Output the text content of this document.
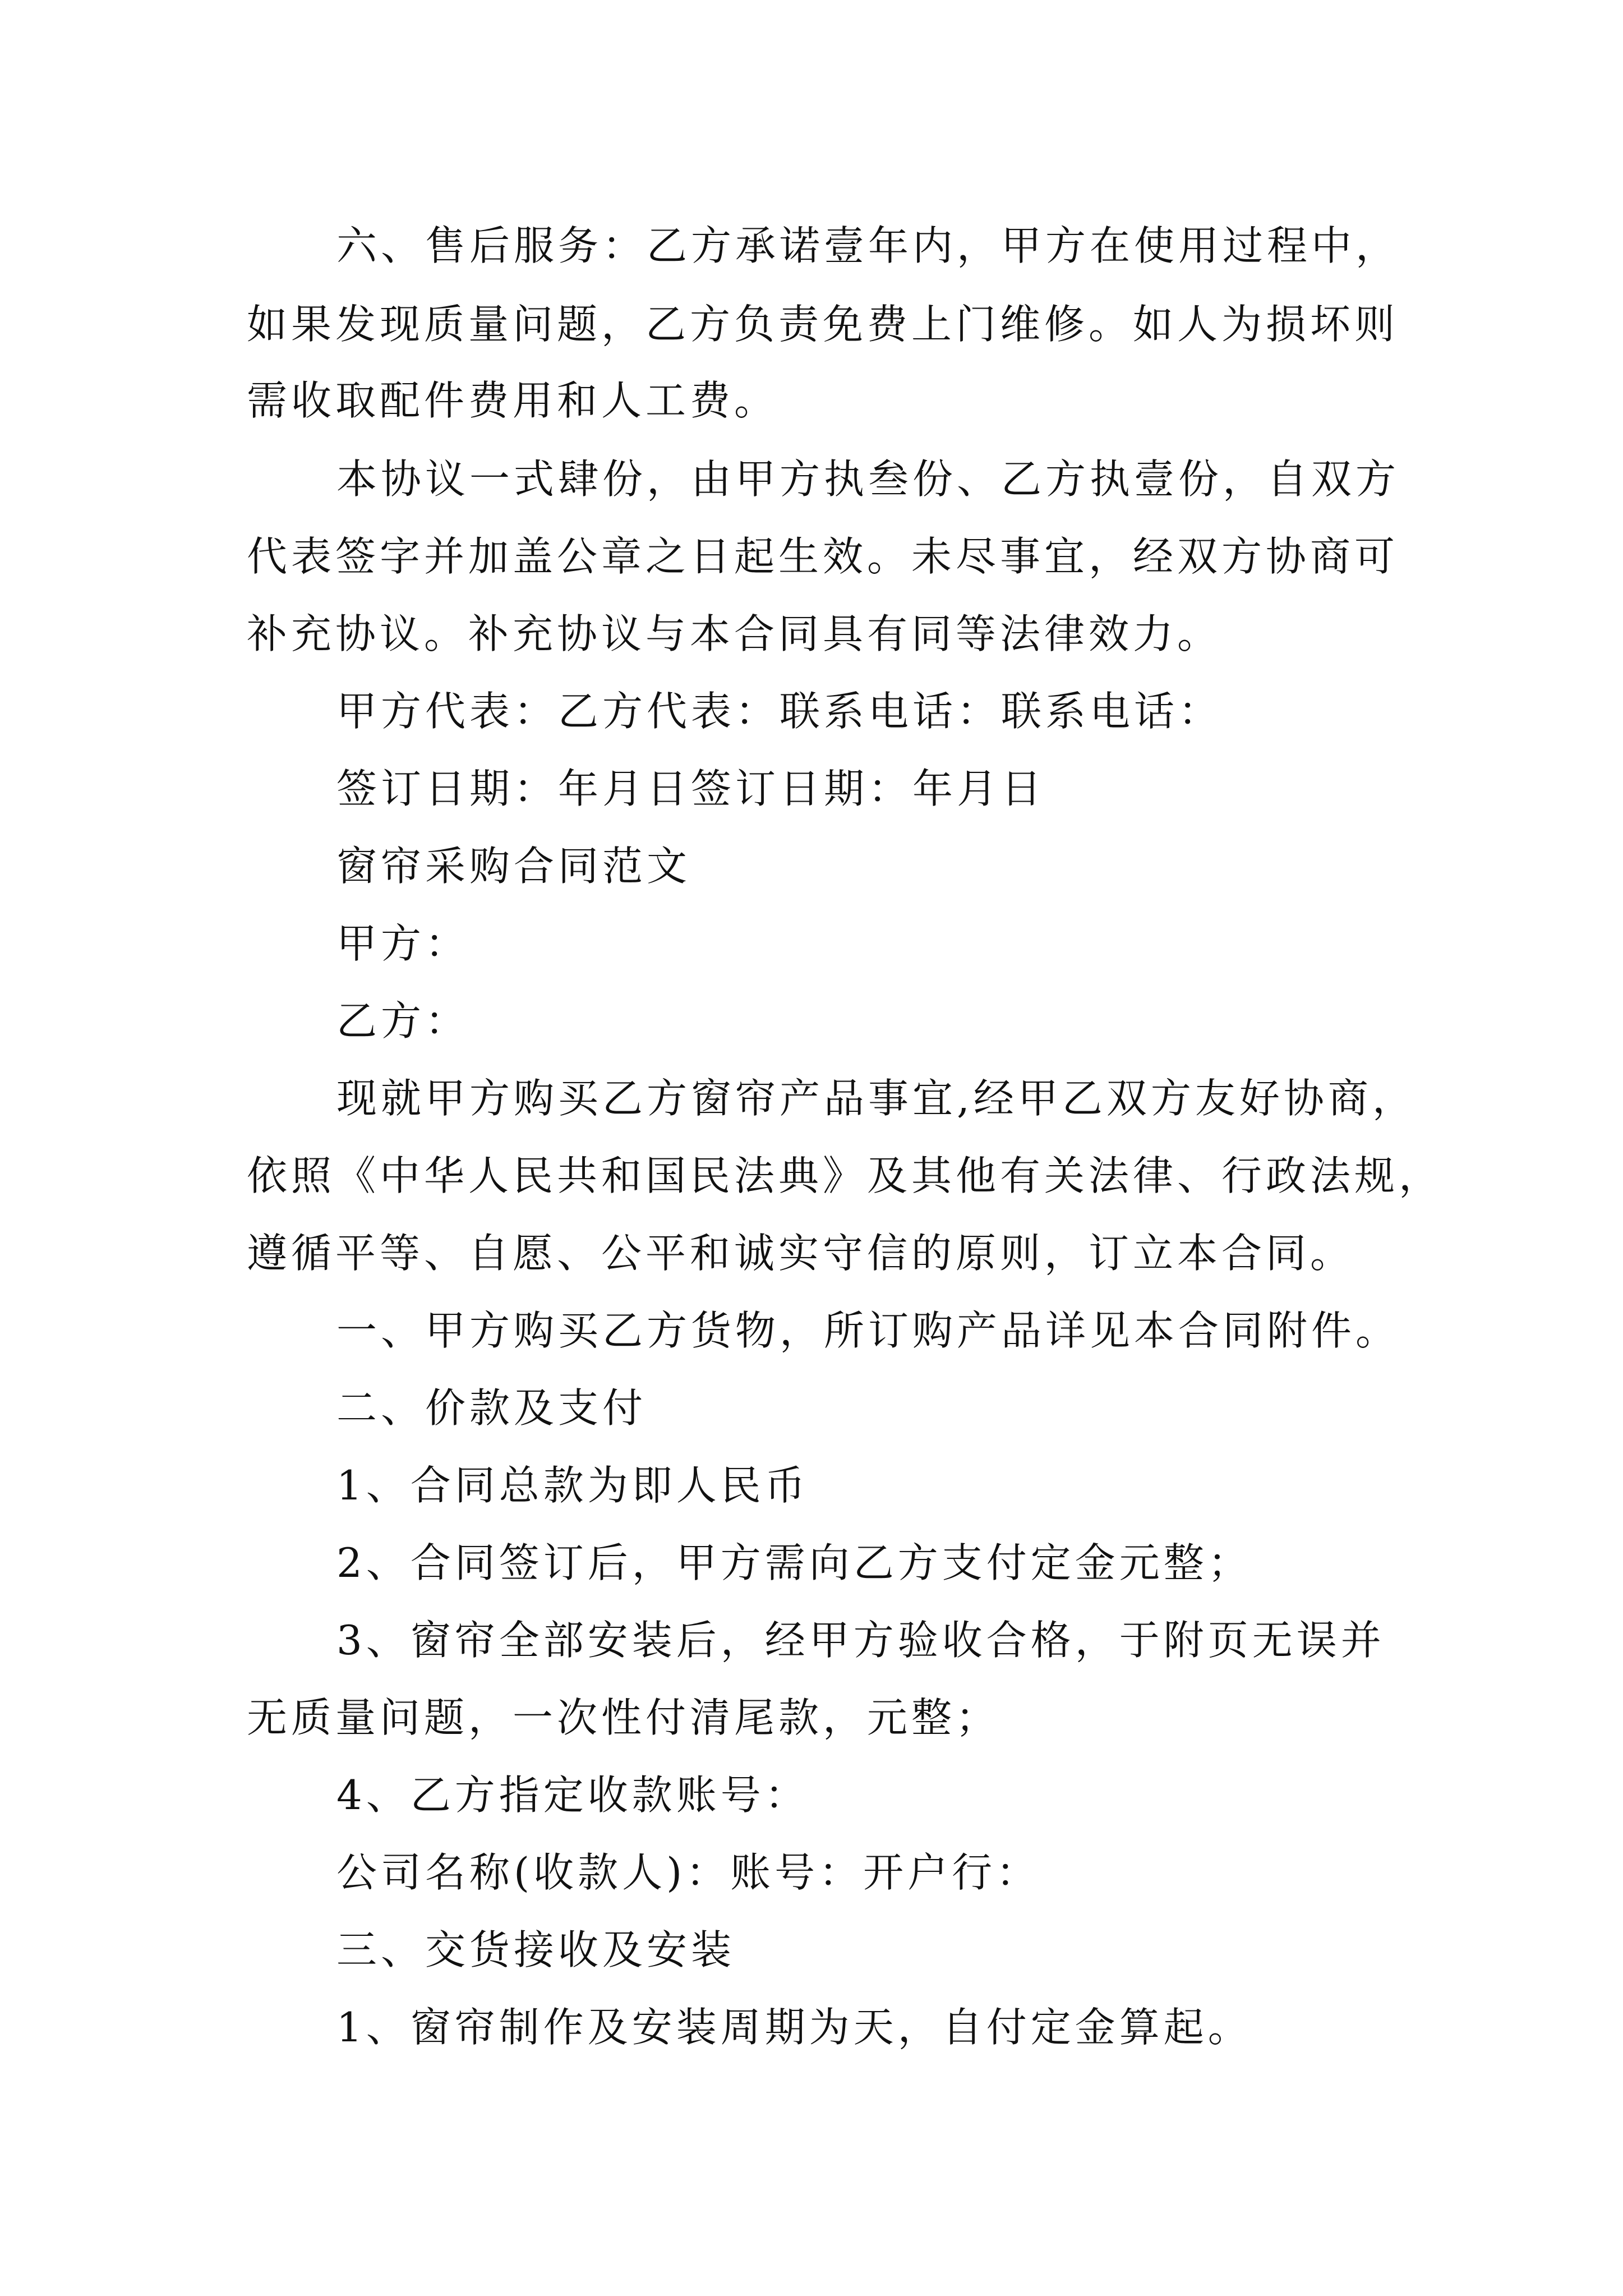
六、售后服务：乙方承诺壹年内，甲方在使用过程中，
如果发现质量问题，乙方负责免费上门维修。如人为损坏则
需收取配件费用和人工费。
本协议一式肆份，由甲方执叁份、乙方执壹份，自双方
代表签字并加盖公章之日起生效。未尽事宜，经双方协商可
补充协议。补充协议与本合同具有同等法律效力。
甲方代表：乙方代表：联系电话：联系电话：
签订日期：年月日签订日期：年月日
窗帘采购合同范文
甲方：
乙方：
现就甲方购买乙方窗帘产品事宜,经甲乙双方友好协商，
依照《中华人民共和国民法典》及其他有关法律、行政法规，
遵循平等、自愿、公平和诚实守信的原则，订立本合同。
一、甲方购买乙方货物，所订购产品详见本合同附件。
二、价款及支付
1、合同总款为即人民币
2、合同签订后，甲方需向乙方支付定金元整；
3、窗帘全部安装后，经甲方验收合格，于附页无误并
无质量问题，一次性付清尾款，元整；
4、乙方指定收款账号：
公司名称(收款人)：账号：开户行：
三、交货接收及安装
1、窗帘制作及安装周期为天，自付定金算起。
